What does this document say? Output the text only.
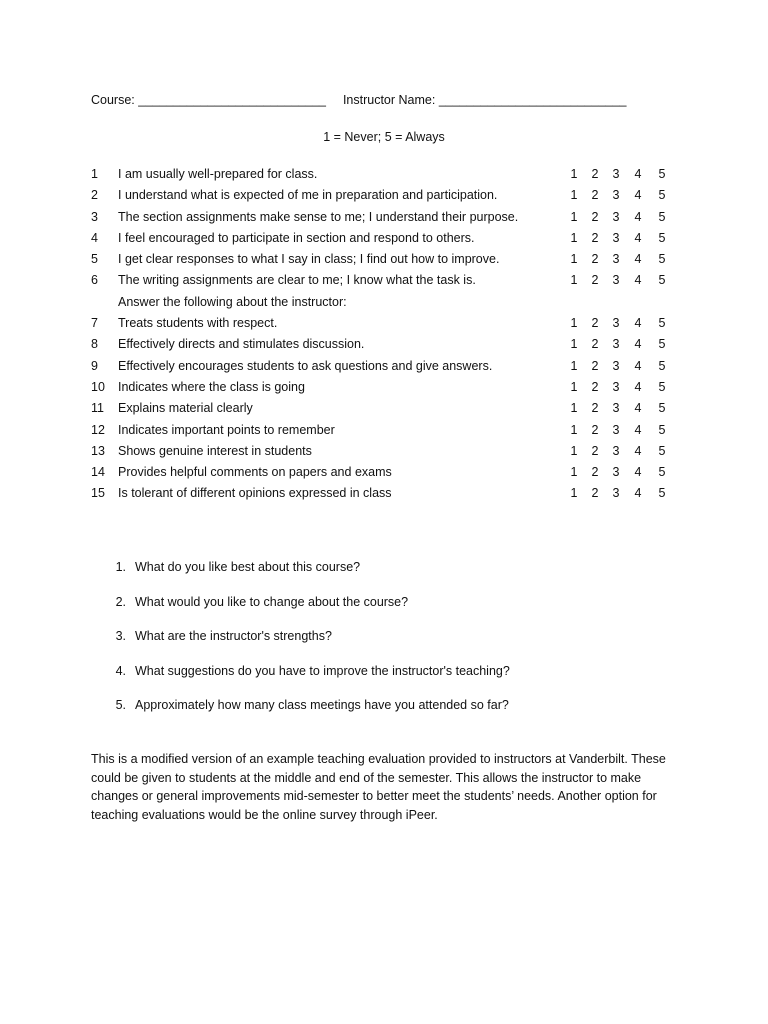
Course: ___________________________ Instructor Name: ___________________________
1 = Never; 5 = Always
1	I am usually well-prepared for class.	1 2 3 4 5
2	I understand what is expected of me in preparation and participation.	1 2 3 4 5
3	The section assignments make sense to me; I understand their purpose.	1 2 3 4 5
4	I feel encouraged to participate in section and respond to others.	1 2 3 4 5
5	I get clear responses to what I say in class; I find out how to improve.	1 2 3 4 5
6	The writing assignments are clear to me; I know what the task is.	1 2 3 4 5
Answer the following about the instructor:
7	Treats students with respect.	1 2 3 4 5
8	Effectively directs and stimulates discussion.	1 2 3 4 5
9	Effectively encourages students to ask questions and give answers.	1 2 3 4 5
10	Indicates where the class is going	1 2 3 4 5
11	Explains material clearly	1 2 3 4 5
12	Indicates important points to remember	1 2 3 4 5
13	Shows genuine interest in students	1 2 3 4 5
14	Provides helpful comments on papers and exams	1 2 3 4 5
15	Is tolerant of different opinions expressed in class	1 2 3 4 5
1. What do you like best about this course?
2. What would you like to change about the course?
3. What are the instructor's strengths?
4. What suggestions do you have to improve the instructor's teaching?
5. Approximately how many class meetings have you attended so far?

This is a modified version of an example teaching evaluation provided to instructors at Vanderbilt. These could be given to students at the middle and end of the semester. This allows the instructor to make changes or general improvements mid-semester to better meet the students’ needs. Another option for teaching evaluations would be the online survey through iPeer.
